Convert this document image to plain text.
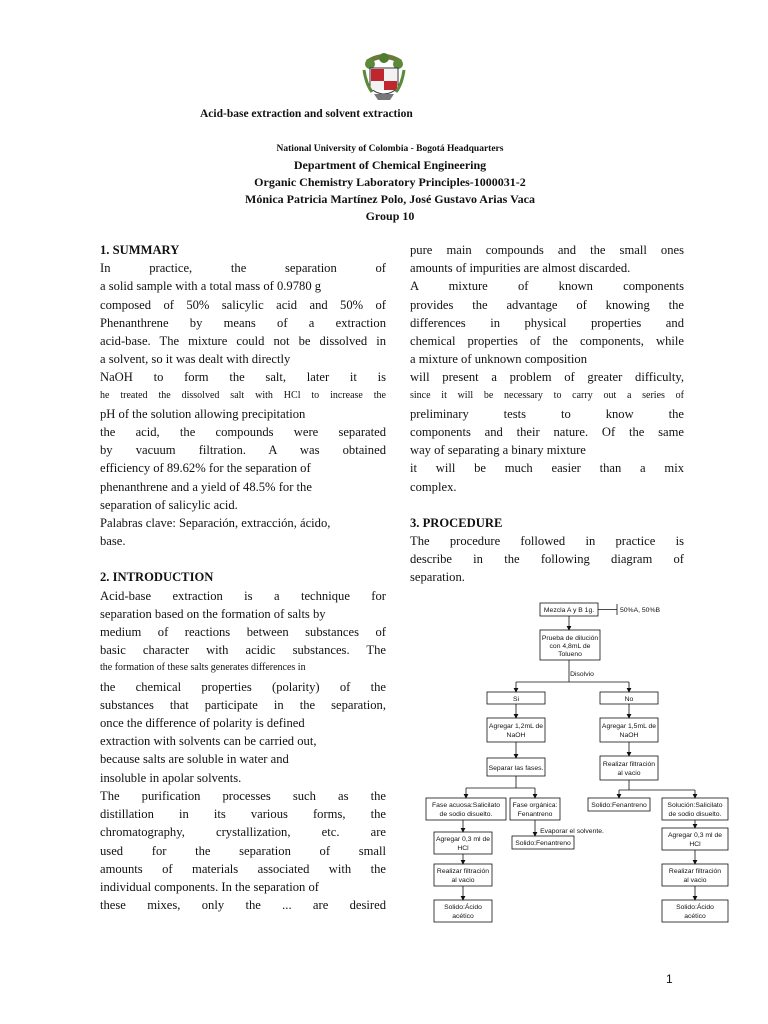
Acid-base extraction and solvent extraction
National University of Colombia - Bogotá Headquarters
Department of Chemical Engineering
Organic Chemistry Laboratory Principles-1000031-2
Mónica Patricia Martínez Polo, José Gustavo Arias Vaca
Group 10
1. SUMMARY

In practice, the separation of

a solid sample with a total mass of 0.9780 g

composed of 50% salicylic acid and 50% of

Phenanthrene by means of a extraction

acid-base. The mixture could not be dissolved in

a solvent, so it was dealt with directly

NaOH to form the salt, later it is

he treated the dissolved salt with HCl to increase the

pH of the solution allowing precipitation

the acid, the compounds were separated

by vacuum filtration. A was obtained

efficiency of 89.62% for the separation of

phenanthrene and a yield of 48.5% for the

separation of salicylic acid.

Palabras clave: Separación, extracción, ácido,

base.

2. INTRODUCTION

Acid-base extraction is a technique for

separation based on the formation of salts by

medium of reactions between substances of

basic character with acidic substances. The

the formation of these salts generates differences in

the chemical properties (polarity) of the

substances that participate in the separation,

once the difference of polarity is defined

extraction with solvents can be carried out,

because salts are soluble in water and

insoluble in apolar solvents.

The purification processes such as the

distillation in its various forms, the

chromatography, crystallization, etc. are

used for the separation of small

amounts of materials associated with the

individual components. In the separation of

these mixes, only the ... are desired

pure main compounds and the small ones

amounts of impurities are almost discarded.

A mixture of known components

provides the advantage of knowing the

differences in physical properties and

chemical properties of the components, while

a mixture of unknown composition

will present a problem of greater difficulty,

since it will be necessary to carry out a series of

preliminary tests to know the

components and their nature. Of the same

way of separating a binary mixture

it will be much easier than a mix

complex.

3. PROCEDURE

The procedure followed in practice is

describe in the following diagram of

separation.

Mezcla A y B 1g.	50%A, 50%B
Prueba de dilución
con 4,8mL de
Tolueno
Disolvio
Si	No
Agregar 1,2mL de
NaOH
Agregar 1,5mL de
NaOH
Separar las fases.
Realizar filtración
al vacio
Fase acuosa:Salicilato
de sodio disuelto.
Fase orgánica:
Fenantreno
Solido:Fenantreno	Solución:Salicilato
de sodio disuelto.
Evaporar el solvente.
Agregar 0,3 ml de
HCl
Solido:Fenantreno
Agregar 0,3 ml de
HCl
Realizar filtración
al vacio
Realizar filtración
al vacio
Solido:Ácido
acético
Solido:Ácido
acético
1
